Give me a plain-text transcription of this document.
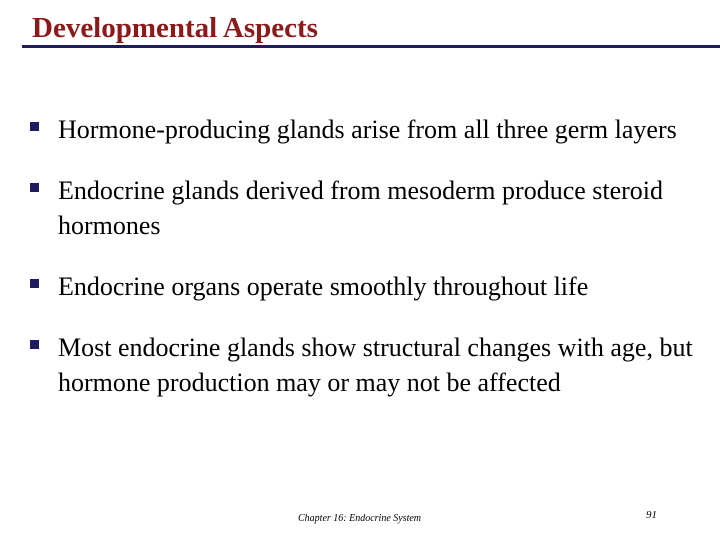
Developmental Aspects
Hormone-producing glands arise from all three germ layers
Endocrine glands derived from mesoderm produce steroid hormones
Endocrine organs operate smoothly throughout life
Most endocrine glands show structural changes with age, but hormone production may or may not be affected
Chapter 16: Endocrine System	91
